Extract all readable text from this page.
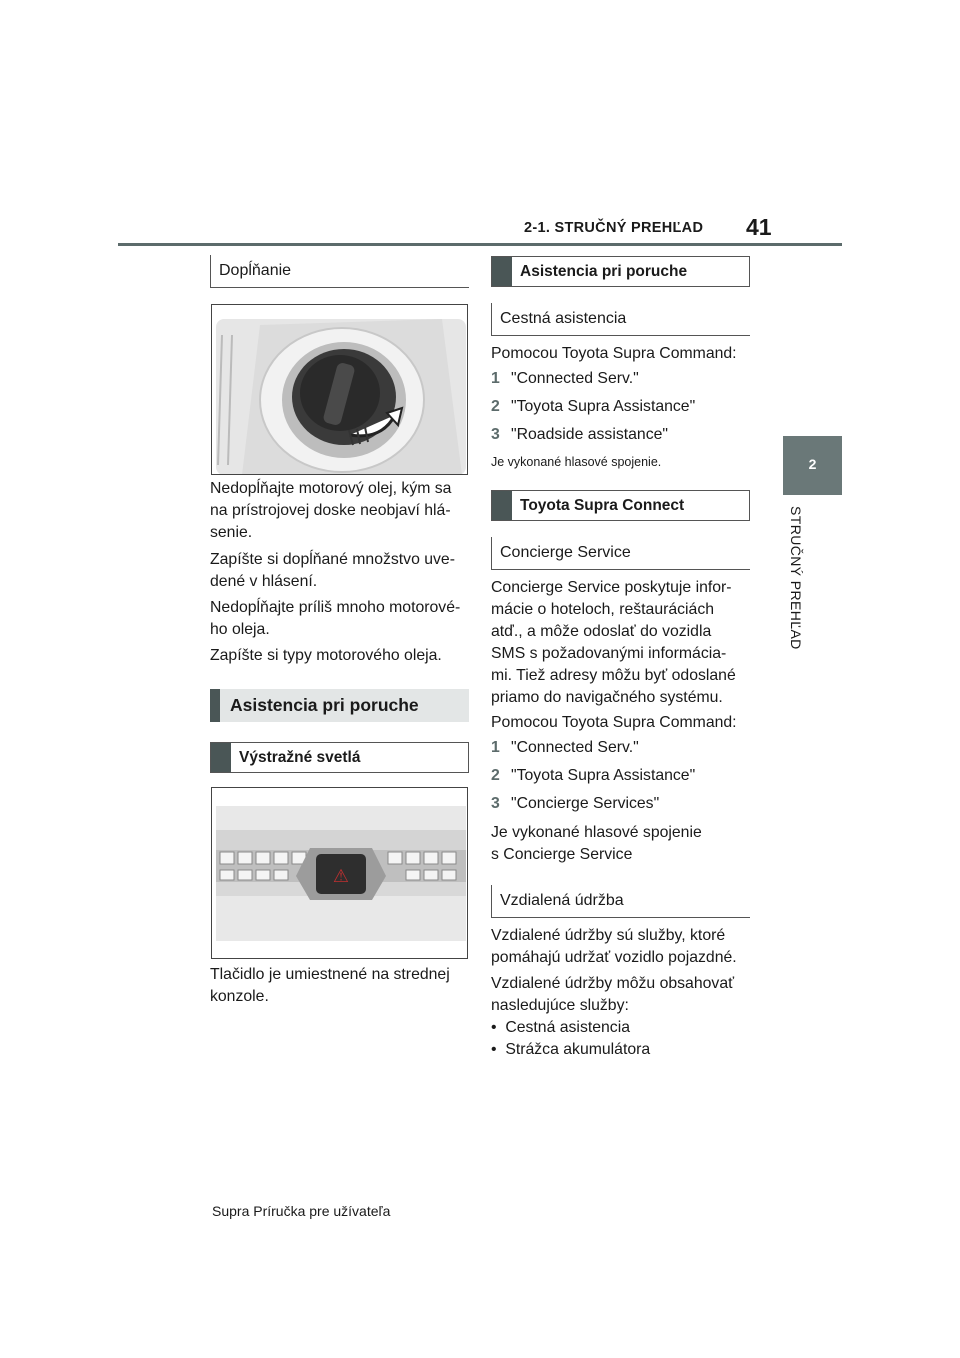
2-1. STRUČNÝ PREHĽAD 41
2
STRUČNÝ PREHĽAD
Dopĺňanie
Nedopĺňajte motorový olej, kým sa
na prístrojovej doske neobjaví hlá-
senie.
Zapíšte si dopĺňané množstvo uve-
dené v hlásení.
Nedopĺňajte príliš mnoho motorové-
ho oleja.
Zapíšte si typy motorového oleja.
Asistencia pri poruche
Výstražné svetlá
⚠
Tlačidlo je umiestnené na strednej
konzole.
Asistencia pri poruche
Cestná asistencia
Pomocou Toyota Supra Command:
1 "Connected Serv."
2 "Toyota Supra Assistance"
3 "Roadside assistance"
Je vykonané hlasové spojenie.
Toyota Supra Connect
Concierge Service
Concierge Service poskytuje infor-
mácie o hoteloch, reštauráciách
atď., a môže odoslať do vozidla
SMS s požadovanými informácia-
mi. Tiež adresy môžu byť odoslané
priamo do navigačného systému.
Pomocou Toyota Supra Command:
1 "Connected Serv."
2 "Toyota Supra Assistance"
3 "Concierge Services"
Je vykonané hlasové spojenie
s Concierge Service
Vzdialená údržba
Vzdialené údržby sú služby, ktoré
pomáhajú udržať vozidlo pojazdné.
Vzdialené údržby môžu obsahovať
nasledujúce služby:
•  Cestná asistencia
•  Strážca akumulátora
Supra Príručka pre užívateľa
